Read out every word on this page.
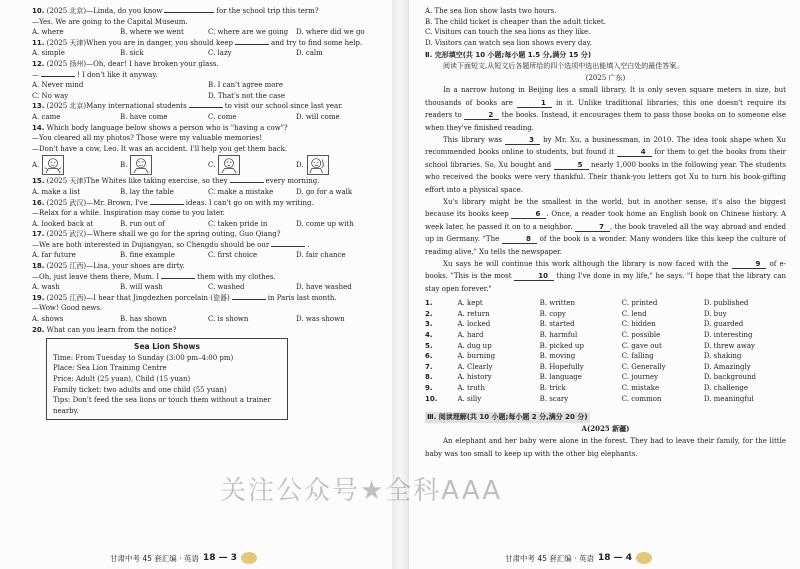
10. (2025 北京)—Linda, do you know	for the school trip this term?
—Yes. We are going to the Capital Museum.
A. where	B. where we went	C. where are we going	D. where did we go
11. (2025 天津)When you are in danger, you should keep	and try to find some help.
A. simple	B. sick	C. lazy	D. calm
12. (2025 扬州)—Oh, dear! I have broken your glass.
—	! I don't like it anyway.
A. Never mind	B. I can't agree more
C. No way	D. That's not the case
13. (2025 北京)Many international students	to visit our school since last year.
A. came	B. have come	C. come	D. will come
14. Which body language below shows a person who is "having a cow"?
—You cleared all my photos? Those were my valuable memories!
—Don't have a cow, Leo. It was an accident. I'll help you get them back.
A.	B.	C.	D.
15. (2025 天津)The Whites like taking exercise, so they	every morning.
A. make a list	B. lay the table	C. make a mistake	D. go for a walk
16. (2025 武汉)—Mr. Brown, I've	ideas. I can't go on with my writing.
—Relax for a while. Inspiration may come to you later.
A. looked back at	B. run out of	C. taken pride in	D. come up with
17. (2025 武汉)—Where shall we go for the spring outing, Guo Qiang?
—We are both interested in Dujiangyan, so Chengdu should be our	.
A. far future	B. fine example	C. first choice	D. fair chance
18. (2025 江西)—Lisa, your shoes are dirty.
—Oh, just leave them there, Mum. I	them with my clothes.
A. wash	B. will wash	C. washed	D. have washed
19. (2025 江西)—I hear that Jingdezhen porcelain (瓷器)	in Paris last month.
—Wow! Good news.
A. shows	B. has shown	C. is shown	D. was shown
20. What can you learn from the notice?
Sea Lion Shows
Time: From Tuesday to Sunday (3:00 pm–4:00 pm)
Place: Sea Lion Training Centre
Price: Adult (25 yuan), Child (15 yuan)
Family ticket: two adults and one child (55 yuan)
Tips: Don't feed the sea lions or touch them without a trainer nearby.
甘肃中考 45 套汇编 · 英语 18 — 3
A. The sea lion show lasts two hours.
B. The child ticket is cheaper than the adult ticket.
C. Visitors can touch the sea lions as they like.
D. Visitors can watch sea lion shows every day.
Ⅱ. 完形填空(共 10 小题;每小题 1.5 分,满分 15 分)
阅读下面短文,从短文后各题所给的四个选项中选出能填入空白处的最佳答案。
(2025 广东)
In a narrow hutong in Beijing lies a small library. It is only seven square meters in size, but thousands of books are	1 in it. Unlike traditional libraries, this one doesn't require its readers to	2 the books. Instead, it encourages them to pass those books on to someone else when they've finished reading.
This library was	3 by Mr. Xu, a businessman, in 2010. The idea took shape when Xu recommended books online to students, but found it	4 for them to get the books from their school libraries. So, Xu bought and	5 nearly 1,000 books in the following year. The students who received the books were very thankful. Their thank-you letters got Xu to turn his book-gifting effort into a physical space.
Xu's library might be the smallest in the world, but in another sense, it's also the biggest because its books keep	6 . Once, a reader took home an English book on Chinese history. A week later, he passed it on to a neighbor.	7 , the book traveled all the way abroad and ended up in Germany. "The	8 of the book is a wonder. Many wonders like this keep the culture of reading alive," Xu tells the newspaper.
Xu says he will continue this work although the library is now faced with the	9 of e-books. "This is the most	10 thing I've done in my life," he says. "I hope that the library can stay open forever."
1.	A. kept	B. written	C. printed	D. published
2.	A. return	B. copy	C. lend	D. buy
3.	A. locked	B. started	C. hidden	D. guarded
4.	A. hard	B. harmful	C. possible	D. interesting
5.	A. dug up	B. picked up	C. gave out	D. threw away
6.	A. burning	B. moving	C. falling	D. shaking
7.	A. Clearly	B. Hopefully	C. Generally	D. Amazingly
8.	A. history	B. language	C. journey	D. background
9.	A. truth	B. trick	C. mistake	D. challenge
10.	A. silly	B. scary	C. common	D. meaningful
Ⅲ. 阅读理解(共 10 小题;每小题 2 分,满分 20 分)
A(2025 新疆)
An elephant and her baby were alone in the forest. They had to leave their family, for the little baby was too small to keep up with the other big elephants.
甘肃中考 45 套汇编 · 英语 18 — 4
关注公众号★全科AAA
